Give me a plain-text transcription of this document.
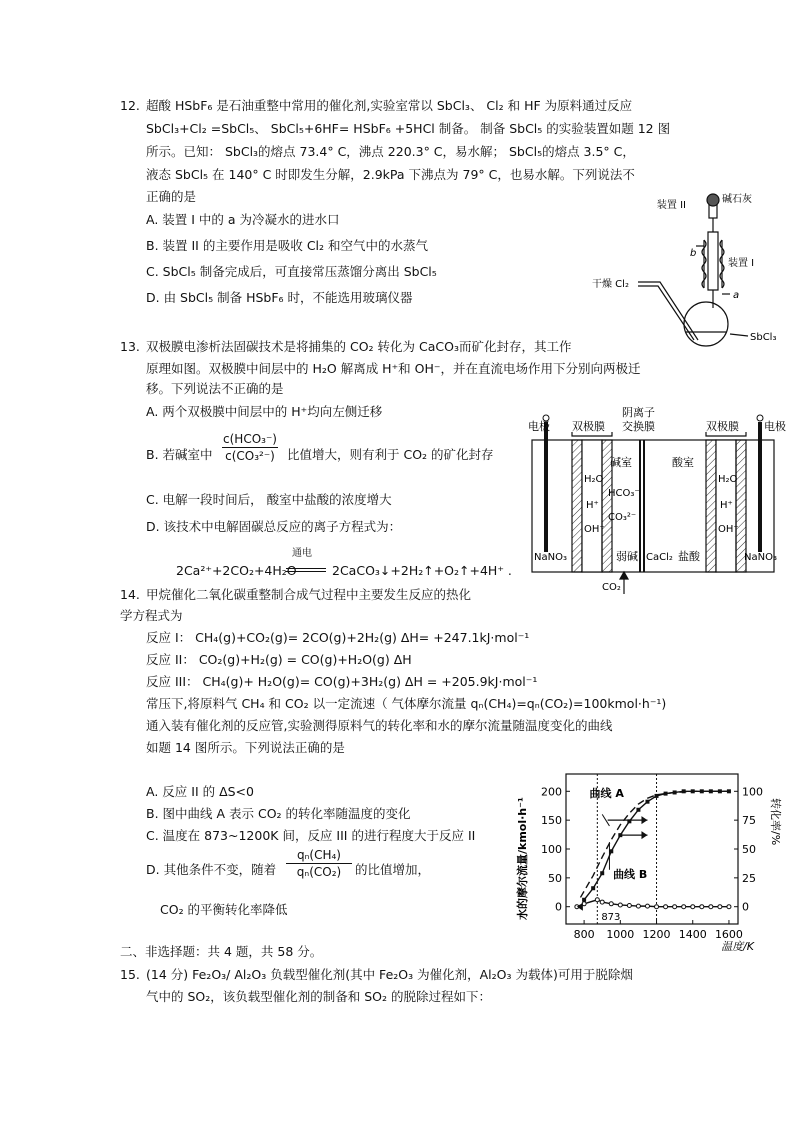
12. 超酸 HSbF₆ 是石油重整中常用的催化剂,实验室常以 SbCl₃、 Cl₂ 和 HF 为原料通过反应
SbCl₃+Cl₂ =SbCl₅、 SbCl₅+6HF= HSbF₆ +5HCl 制备。 制备 SbCl₅ 的实验装置如题 12 图
所示。已知： SbCl₃的熔点 73.4° C，沸点 220.3° C，易水解； SbCl₅的熔点 3.5° C，
液态 SbCl₅ 在 140° C 时即发生分解，2.9kPa 下沸点为 79° C，也易水解。下列说法不
正确的是
A. 装置 I 中的 a 为冷凝水的进水口
B. 装置 II 的主要作用是吸收 Cl₂ 和空气中的水蒸气
C. SbCl₅ 制备完成后，可直接常压蒸馏分离出 SbCl₅
D. 由 SbCl₅ 制备 HSbF₆ 时，不能选用玻璃仪器
装置 II
碱石灰
b
装置 I
a
干燥 Cl₂
SbCl₃
13. 双极膜电渗析法固碳技术是将捕集的 CO₂ 转化为 CaCO₃而矿化封存，其工作
原理如图。双极膜中间层中的 H₂O 解离成 H⁺和 OH⁻，并在直流电场作用下分别向两极迁
移。下列说法不正确的是
A. 两个双极膜中间层中的 H⁺均向左侧迁移
B. 若碱室中
c(HCO₃⁻)
c(CO₃²⁻) 比值增大，则有利于 CO₂ 的矿化封存
C. 电解一段时间后， 酸室中盐酸的浓度增大
D. 该技术中电解固碳总反应的离子方程式为：
通电
2Ca²⁺+2CO₂+4H₂O	2CaCO₃↓+2H₂↑+O₂↑+4H⁺ .
电极 双极膜
阴离子
交换膜	双极膜 电极
H₂O
H⁺
OH⁻
H₂O
H⁺
OH⁻
碱室
HCO₃⁻
CO₃²⁻
酸室
NaNO₃	弱碱 CaCl₂ 盐酸	NaNO₃
CO₂
14. 甲烷催化二氧化碳重整制合成气过程中主要发生反应的热化
学方程式为
反应 I： CH₄(g)+CO₂(g)= 2CO(g)+2H₂(g) ΔH= +247.1kJ·mol⁻¹
反应 II： CO₂(g)+H₂(g) = CO(g)+H₂O(g) ΔH
反应 III： CH₄(g)+ H₂O(g)= CO(g)+3H₂(g) ΔH = +205.9kJ·mol⁻¹
常压下,将原料气 CH₄ 和 CO₂ 以一定流速（ 气体摩尔流量 qₙ(CH₄)=qₙ(CO₂)=100kmol·h⁻¹)
通入装有催化剂的反应管,实验测得原料气的转化率和水的摩尔流量随温度变化的曲线
如题 14 图所示。下列说法正确的是
A. 反应 II 的 ΔS<0
B. 图中曲线 A 表示 CO₂ 的转化率随温度的变化
C. 温度在 873~1200K 间，反应 III 的进行程度大于反应 II
D. 其他条件不变，随着 $\frac{\text{qₙ(CH₄)}}{\text{qₙ(CO₂)}}$ 的比值增加，
CO₂ 的平衡转化率降低
800 1000 1200 1400 1600
0
50
100
150
200
0
25
50
75
100
温度/K
水的摩尔流量/kmol·h⁻¹	转化率/%
873
曲线 A
曲线 B
二、非选择题：共 4 题，共 58 分。
15. (14 分) Fe₂O₃/ Al₂O₃ 负载型催化剂(其中 Fe₂O₃ 为催化剂，Al₂O₃ 为载体)可用于脱除烟
气中的 SO₂，该负载型催化剂的制备和 SO₂ 的脱除过程如下：
